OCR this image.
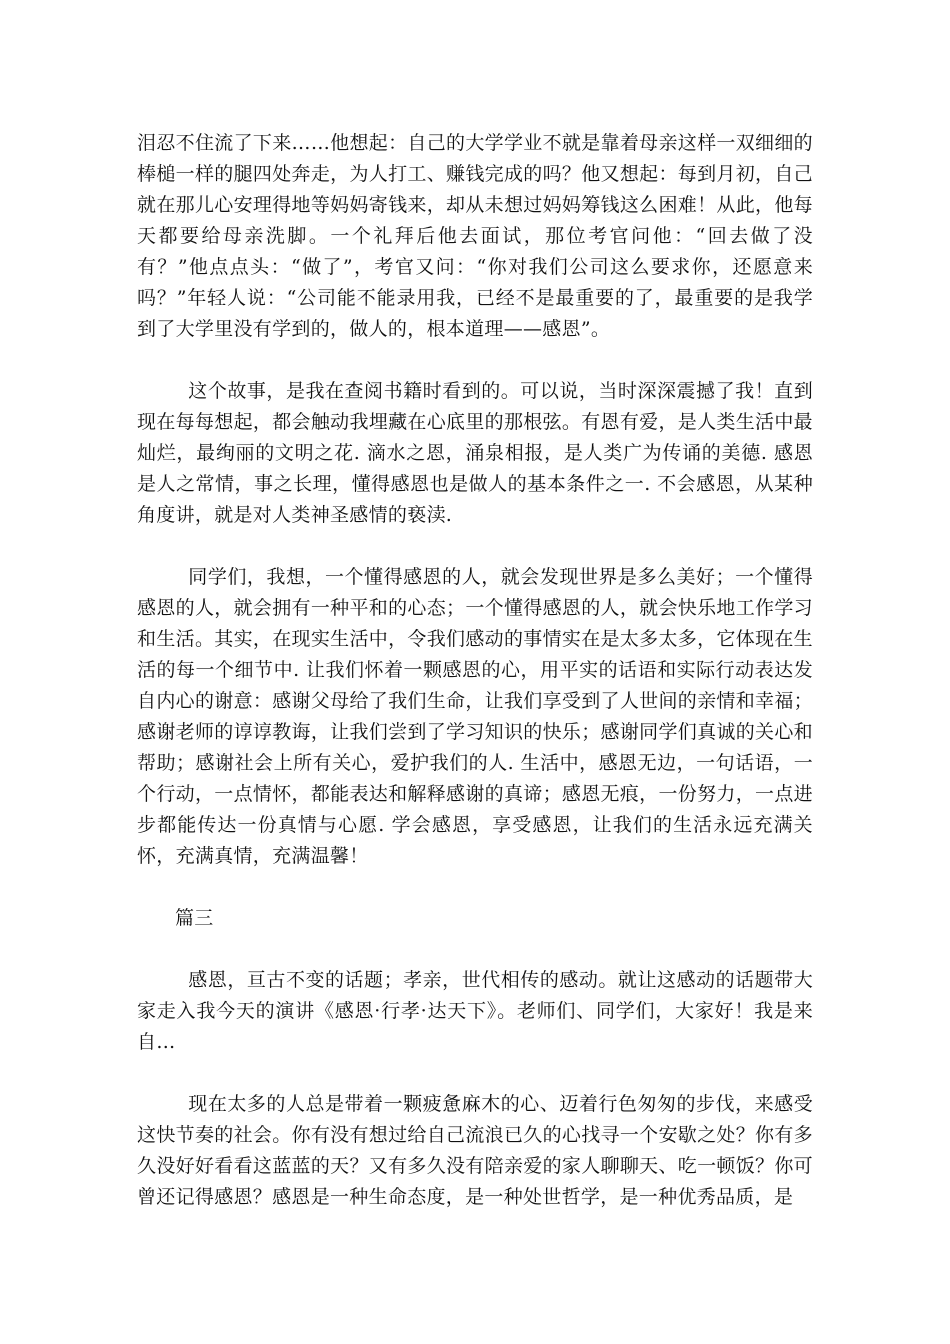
泪忍不住流了下来……他想起：自己的大学学业不就是靠着母亲这样一双细细的棒槌一样的腿四处奔走，为人打工、赚钱完成的吗？他又想起：每到月初，自己就在那儿心安理得地等妈妈寄钱来，却从未想过妈妈筹钱这么困难！从此，他每天都要给母亲洗脚。一个礼拜后他去面试，那位考官问他：“回去做了没有？”他点点头：“做了”，考官又问：“你对我们公司这么要求你，还愿意来吗？”年轻人说：“公司能不能录用我，已经不是最重要的了，最重要的是我学到了大学里没有学到的，做人的，根本道理——感恩”。

这个故事，是我在查阅书籍时看到的。可以说，当时深深震撼了我！直到现在每每想起，都会触动我埋藏在心底里的那根弦。有恩有爱，是人类生活中最灿烂，最绚丽的文明之花. 滴水之恩，涌泉相报，是人类广为传诵的美德. 感恩是人之常情，事之长理，懂得感恩也是做人的基本条件之一. 不会感恩，从某种角度讲，就是对人类神圣感情的亵渎.

同学们，我想，一个懂得感恩的人，就会发现世界是多么美好；一个懂得感恩的人，就会拥有一种平和的心态；一个懂得感恩的人，就会快乐地工作学习和生活。其实，在现实生活中，令我们感动的事情实在是太多太多，它体现在生活的每一个细节中. 让我们怀着一颗感恩的心，用平实的话语和实际行动表达发自内心的谢意：感谢父母给了我们生命，让我们享受到了人世间的亲情和幸福；感谢老师的谆谆教诲，让我们尝到了学习知识的快乐；感谢同学们真诚的关心和帮助；感谢社会上所有关心，爱护我们的人. 生活中，感恩无边，一句话语，一个行动，一点情怀，都能表达和解释感谢的真谛；感恩无痕，一份努力，一点进步都能传达一份真情与心愿. 学会感恩，享受感恩，让我们的生活永远充满关怀，充满真情，充满温馨！

篇三

感恩，亘古不变的话题；孝亲，世代相传的感动。就让这感动的话题带大家走入我今天的演讲《感恩·行孝·达天下》。老师们、同学们，大家好！我是来自…

现在太多的人总是带着一颗疲惫麻木的心、迈着行色匆匆的步伐，来感受这快节奏的社会。你有没有想过给自己流浪已久的心找寻一个安歇之处？你有多久没好好看看这蓝蓝的天？又有多久没有陪亲爱的家人聊聊天、吃一顿饭？你可曾还记得感恩？感恩是一种生命态度，是一种处世哲学，是一种优秀品质，是
